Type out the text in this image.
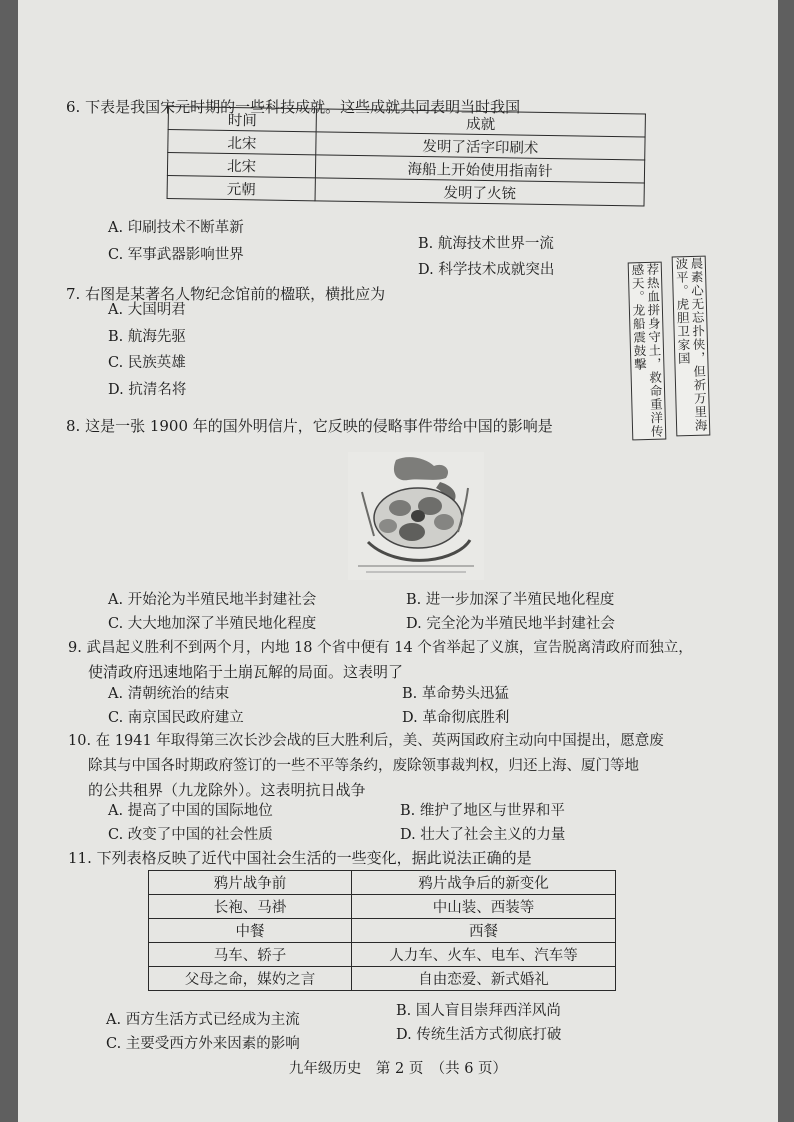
6. 下表是我国宋元时期的一些科技成就。这些成就共同表明当时我国
时间	成就
北宋	发明了活字印刷术
北宋	海船上开始使用指南针
元朝	发明了火铳
A. 印刷技术不断革新
B. 航海技术世界一流
C. 军事武器影响世界
D. 科学技术成就突出
7. 右图是某著名人物纪念馆前的楹联，横批应为
A. 大国明君
B. 航海先驱
C. 民族英雄
D. 抗清名将	荐热血拼身守土，救命重洋传感天。龙船震鼓擊	晨素心无忘扑侠，但祈万里海波平。虎胆卫家国
8. 这是一张 1900 年的国外明信片，它反映的侵略事件带给中国的影响是
A. 开始沦为半殖民地半封建社会	B. 进一步加深了半殖民地化程度
C. 大大地加深了半殖民地化程度	D. 完全沦为半殖民地半封建社会
9. 武昌起义胜利不到两个月，内地 18 个省中便有 14 个省举起了义旗，宣告脱离清政府而独立，
使清政府迅速地陷于土崩瓦解的局面。这表明了
A. 清朝统治的结束	B. 革命势头迅猛
C. 南京国民政府建立	D. 革命彻底胜利
10. 在 1941 年取得第三次长沙会战的巨大胜利后，美、英两国政府主动向中国提出，愿意废
除其与中国各时期政府签订的一些不平等条约，废除领事裁判权，归还上海、厦门等地
的公共租界（九龙除外）。这表明抗日战争
A. 提高了中国的国际地位	B. 维护了地区与世界和平
C. 改变了中国的社会性质	D. 壮大了社会主义的力量
11. 下列表格反映了近代中国社会生活的一些变化，据此说法正确的是
鸦片战争前	鸦片战争后的新变化
长袍、马褂	中山装、西装等
中餐	西餐
马车、轿子	人力车、火车、电车、汽车等
父母之命，媒妁之言	自由恋爱、新式婚礼
A. 西方生活方式已经成为主流
B. 国人盲目崇拜西洋风尚
C. 主要受西方外来因素的影响
D. 传统生活方式彻底打破
九年级历史　第 2 页　（共 6 页）
